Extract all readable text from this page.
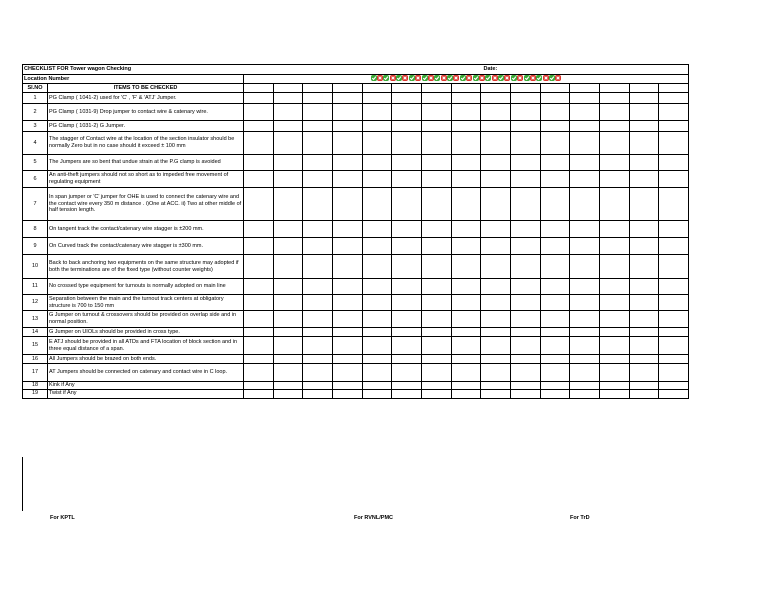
CHECKLIST FOR Tower wagon Checking		Date:														
Location Number	

Sl.NO	ITEMS TO BE CHECKED															
1	PG Clamp ( 1041-2) used for 'C' , 'F' & 'ATJ' Jumper.															
2	PG Clamp ( 1031-9) Drop jumper to contact wire & catenary wire.															
3	PG Clamp ( 1031-2) G Jumper.															
4	The stagger of Contact wire at the location of the section insulator should be normally Zero but in no case should it exceed ± 100 mm															
5	The Jumpers are so bent that undue strain at the P.G clamp is avoided															
6	An anti-theft jumpers should not so short as to impeded free movement of regulating equipment															
7	In span jumper or 'C' jumper for OHE is used to connect the catenary wire and the contact wire every 350 m distance . i)One at ACC. ii) Two at other middle of half tension length.															
8	On tangent track the contact/catenary wire stagger is ±200 mm.															
9	On Curved track the contact/catenary wire stagger is ±300 mm.															
10	Back to back anchoring two equipments on the same structure may adopted if both the terminations are of the fixed type (without counter weights)															
11	No crossed type equipment for turnouts is normally adopted on main line															
12	Separation between the main and the turnout track centers at obligatory structure is 700 to 150 mm															
13	G Jumper on turnout & crossovers should be provided on overlap side and in normal position.															
14	G Jumper on UIOLs should be provided in cross type.															
15	E ATJ should be provided in all ATDs and FTA location of block section and in three equal distance of a span.															
16	All Jumpers should be brazed on both ends.															
17	AT Jumpers should be connected on catenary and contact wire in C loop.															
18	Kink if Any															
19	Twist if Any															
For KPTL	For RVNL/PMC	For TrD
